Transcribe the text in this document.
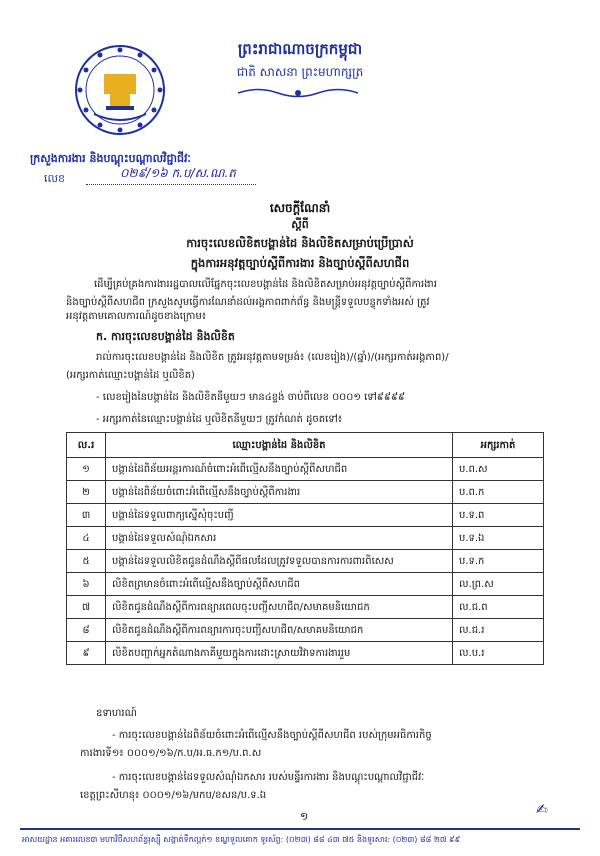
ព្រះរាជាណាចក្រកម្ពុជា
ជាតិ សាសនា ព្រះមហាក្សត្រ
ក្រសួងការងារ និងបណ្តុះបណ្តាលវិជ្ជាជីវៈ
លេខ	០២៩/១៦ ក.ប/ស.ណ.ត
សេចក្តីណែនាំ
ស្តីពី
ការចុះលេខលិខិតបង្គាន់ដៃ និងលិខិតសម្រាប់ប្រើប្រាស់
ក្នុងការអនុវត្តច្បាប់ស្តីពីការងារ និងច្បាប់ស្តីពីសហជីព
ដើម្បីគ្រប់គ្រងការងាររដ្ឋបាលលើផ្នែកចុះលេខបង្គាន់ដៃ និងលិខិតសម្រាប់អនុវត្តច្បាប់ស្តីពីការងារ
និងច្បាប់ស្តីពីសហជីព ក្រសួងសូមធ្វើការណែនាំដល់អង្គភាពពាក់ព័ន្ធ និងមន្ត្រីទទួលបន្ទុកទាំងអស់ ត្រូវ
អនុវត្តតាមគោលការណ៍ដូចខាងក្រោម៖
ក. ការចុះលេខបង្គាន់ដៃ និងលិខិត
រាល់ការចុះលេខបង្គាន់ដៃ និងលិខិត ត្រូវអនុវត្តតាមទម្រង់៖ (លេខរៀង)/(ឆ្នាំ)/(អក្សរកាត់អង្គភាព)/
(អក្សរកាត់ឈ្មោះបង្គាន់ដៃ ឬលិខិត)
- លេខរៀងនៃបង្គាន់ដៃ និងលិខិតនីមួយៗ មាន៤ខ្ទង់ ចាប់ពីលេខ ០០០១ ទៅ៩៩៩៩
- អក្សរកាត់នៃឈ្មោះបង្គាន់ដៃ ឬលិខិតនីមួយៗ ត្រូវកំណត់ ដូចតទៅ៖
ល.រ	ឈ្មោះបង្គាន់ដៃ និងលិខិត	អក្សរកាត់
១	បង្គាន់ដៃពិន័យអន្តរការណ៍ចំពោះអំពើល្មើសនឹងច្បាប់ស្តីពីសហជីព	ប.ព.ស
២	បង្គាន់ដៃពិន័យចំពោះអំពើល្មើសនឹងច្បាប់ស្តីពីការងារ	ប.ព.ក
៣	បង្គាន់ដៃទទួលពាក្យស្នើសុំចុះបញ្ជី	ប.ទ.ព
៤	បង្គាន់ដៃទទួលសំណុំឯកសារ	ប.ទ.ឯ
៥	បង្គាន់ដៃទទួលលិខិតជូនដំណឹងស្តីពីផលដែលត្រូវទទួលបានការការពារពិសេស	ប.ទ.ក
៦	លិខិតព្រមានចំពោះអំពើល្មើសនឹងច្បាប់ស្តីពីសហជីព	ល.ព្រ.ស
៧	លិខិតជូនដំណឹងស្តីពីការពន្យារពេលចុះបញ្ជីសហជីព/សមាគមនិយោជក	ល.ជ.ព
៨	លិខិតជូនដំណឹងស្តីពីការពន្យារការចុះបញ្ជីសហជីព/សមាគមនិយោជក	ល.ជ.រ
៩	លិខិតបញ្ជាក់អ្នកតំណាងភាគីមួយក្នុងការដោះស្រាយវិវាទការងាររួម	ល.ប.រ
ឧទាហរណ៍
- ការចុះលេខបង្គាន់ដៃពិន័យចំពោះអំពើល្មើសនឹងច្បាប់ស្តីពីសហជីព របស់ក្រុមអធិការកិច្ច
ការងារទី១៖ ០០០១/១៦/ក.ប/អ.ធ.ក១/ប.ព.ស
- ការចុះលេខបង្គាន់ដៃទទួលសំណុំឯកសារ របស់មន្ទីរការងារ និងបណ្តុះបណ្តាលវិជ្ជាជីវៈ
ខេត្តព្រះសីហនុ៖ ០០០១/១៦/មកប/ខសន/ប.ទ.ឯ
១	✍
អាសយដ្ឋាន អគារលេខ៣ មហាវិថីសហព័ន្ធរុស្ស៊ី សង្កាត់ទឹកល្អក់១ ខណ្ឌទួលគោក ទូរស័ព្ទ: (០២៣) ៨៨ ៤៣ ៧៥ និងទូរសារ: (០២៣) ៨៨ ២៧ ៩៩
